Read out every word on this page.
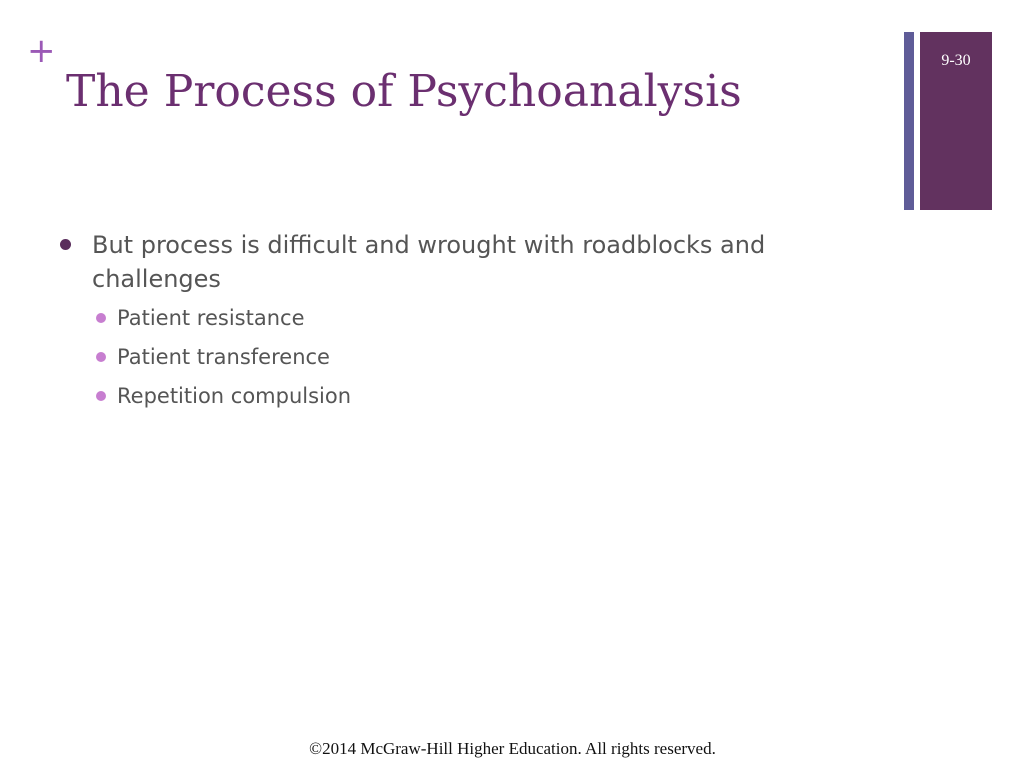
+
The Process of Psychoanalysis
9-30
But process is difficult and wrought with roadblocks and challenges
Patient resistance
Patient transference
Repetition compulsion
©2014 McGraw-Hill Higher Education. All rights reserved.
